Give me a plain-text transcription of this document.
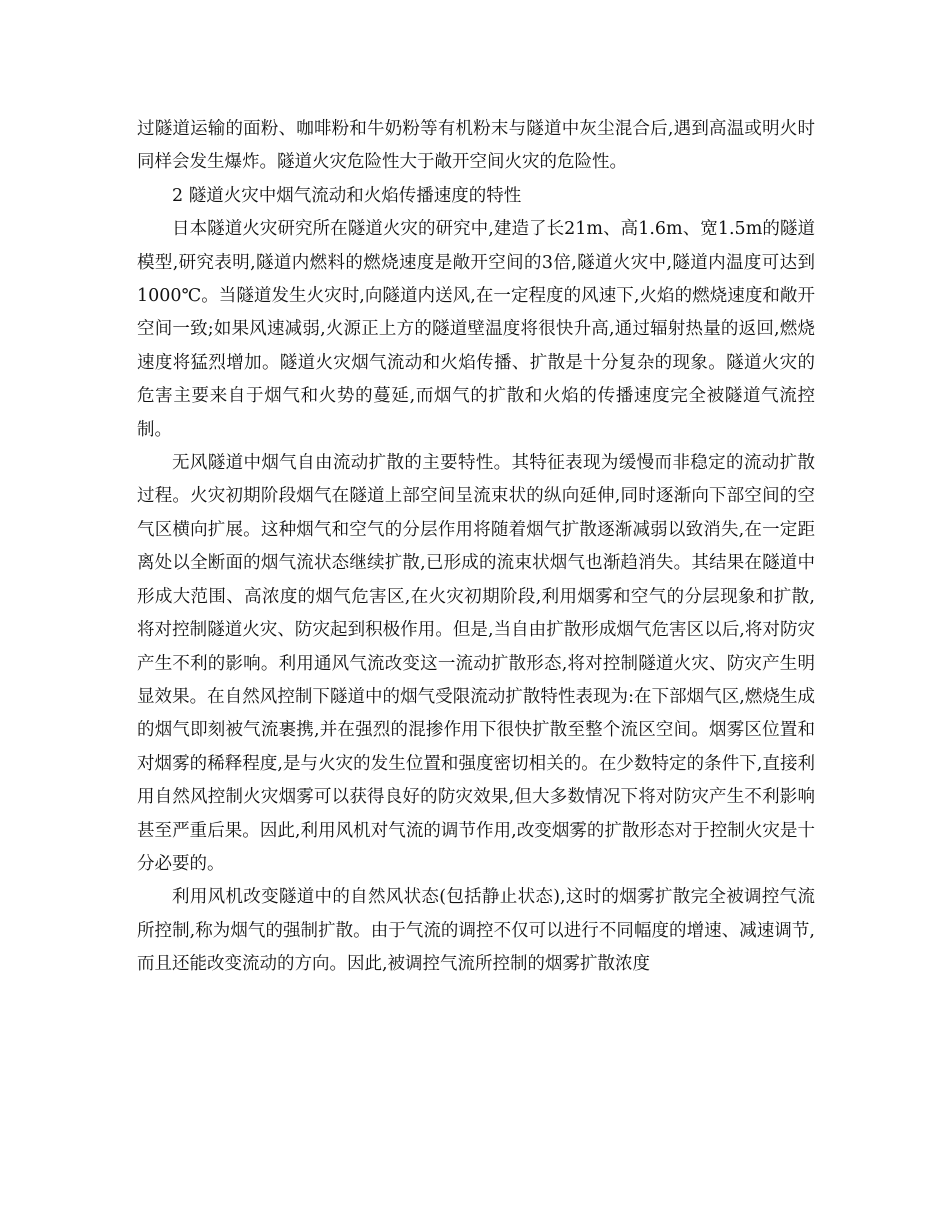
过隧道运输的面粉、咖啡粉和牛奶粉等有机粉末与隧道中灰尘混合后,遇到高温或明火时同样会发生爆炸。隧道火灾危险性大于敞开空间火灾的危险性。

2 隧道火灾中烟气流动和火焰传播速度的特性

日本隧道火灾研究所在隧道火灾的研究中,建造了长21m、高1.6m、宽1.5m的隧道模型,研究表明,隧道内燃料的燃烧速度是敞开空间的3倍,隧道火灾中,隧道内温度可达到1000℃。当隧道发生火灾时,向隧道内送风,在一定程度的风速下,火焰的燃烧速度和敞开空间一致;如果风速减弱,火源正上方的隧道壁温度将很快升高,通过辐射热量的返回,燃烧速度将猛烈增加。隧道火灾烟气流动和火焰传播、扩散是十分复杂的现象。隧道火灾的危害主要来自于烟气和火势的蔓延,而烟气的扩散和火焰的传播速度完全被隧道气流控制。

无风隧道中烟气自由流动扩散的主要特性。其特征表现为缓慢而非稳定的流动扩散过程。火灾初期阶段烟气在隧道上部空间呈流束状的纵向延伸,同时逐渐向下部空间的空气区横向扩展。这种烟气和空气的分层作用将随着烟气扩散逐渐减弱以致消失,在一定距离处以全断面的烟气流状态继续扩散,已形成的流束状烟气也渐趋消失。其结果在隧道中形成大范围、高浓度的烟气危害区,在火灾初期阶段,利用烟雾和空气的分层现象和扩散,将对控制隧道火灾、防灾起到积极作用。但是,当自由扩散形成烟气危害区以后,将对防灾产生不利的影响。利用通风气流改变这一流动扩散形态,将对控制隧道火灾、防灾产生明显效果。在自然风控制下隧道中的烟气受限流动扩散特性表现为:在下部烟气区,燃烧生成的烟气即刻被气流裹携,并在强烈的混掺作用下很快扩散至整个流区空间。烟雾区位置和对烟雾的稀释程度,是与火灾的发生位置和强度密切相关的。在少数特定的条件下,直接利用自然风控制火灾烟雾可以获得良好的防灾效果,但大多数情况下将对防灾产生不利影响甚至严重后果。因此,利用风机对气流的调节作用,改变烟雾的扩散形态对于控制火灾是十分必要的。

利用风机改变隧道中的自然风状态(包括静止状态),这时的烟雾扩散完全被调控气流所控制,称为烟气的强制扩散。由于气流的调控不仅可以进行不同幅度的增速、减速调节,而且还能改变流动的方向。因此,被调控气流所控制的烟雾扩散浓度
